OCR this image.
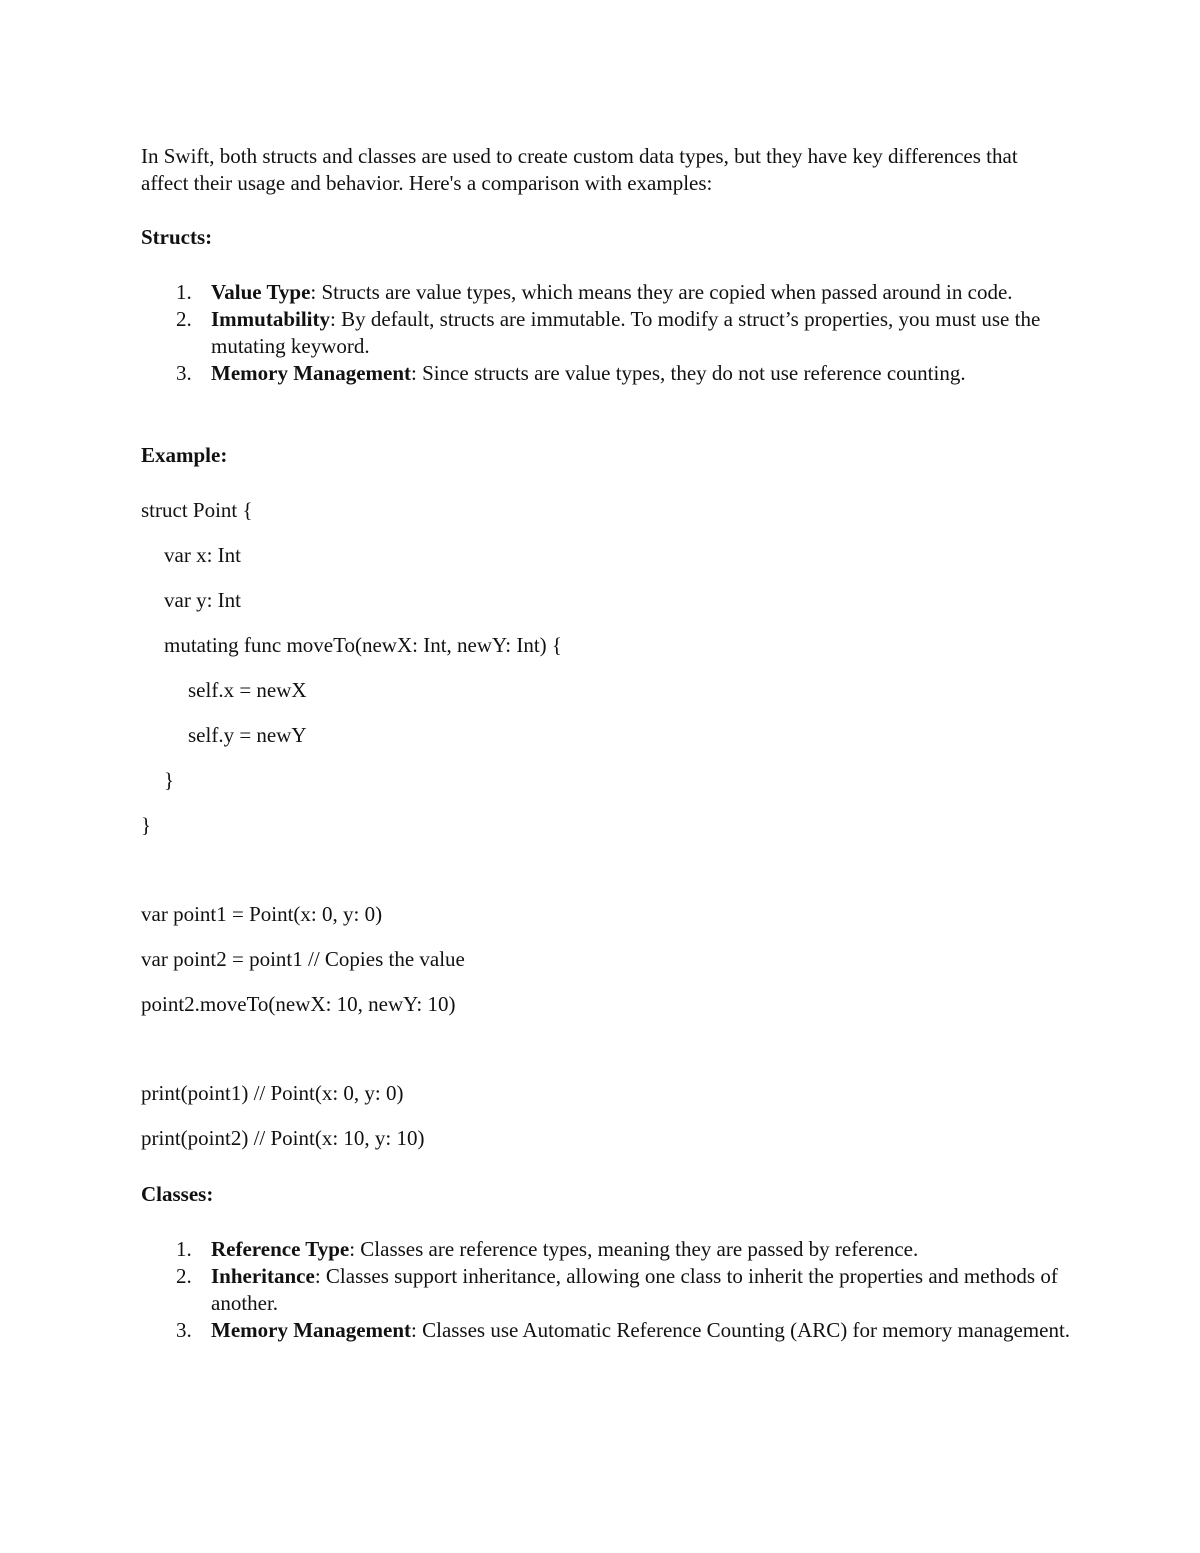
In Swift, both structs and classes are used to create custom data types, but they have key differences that affect their usage and behavior. Here's a comparison with examples:

Structs:

1. Value Type: Structs are value types, which means they are copied when passed around in code.
2. Immutability: By default, structs are immutable. To modify a struct’s properties, you must use the mutating keyword.
3. Memory Management: Since structs are value types, they do not use reference counting.

Example:

struct Point {

var x: Int

var y: Int

mutating func moveTo(newX: Int, newY: Int) {

self.x = newX

self.y = newY

}

}

var point1 = Point(x: 0, y: 0)

var point2 = point1 // Copies the value

point2.moveTo(newX: 10, newY: 10)

print(point1) // Point(x: 0, y: 0)

print(point2) // Point(x: 10, y: 10)

Classes:

1. Reference Type: Classes are reference types, meaning they are passed by reference.
2. Inheritance: Classes support inheritance, allowing one class to inherit the properties and methods of another.
3. Memory Management: Classes use Automatic Reference Counting (ARC) for memory management.
